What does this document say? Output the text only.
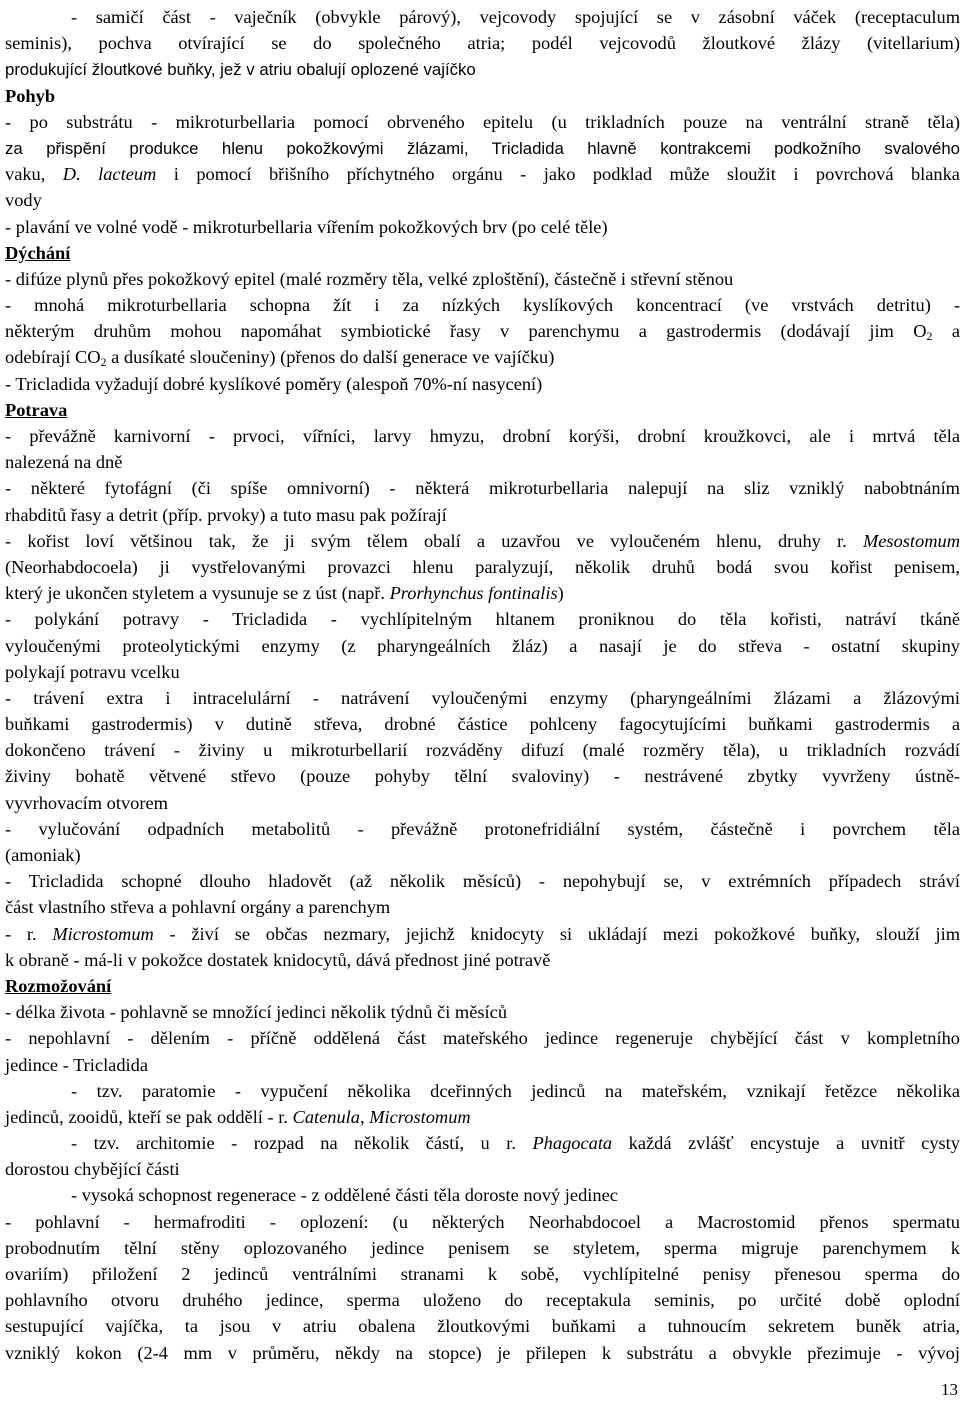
- samičí část - vaječník (obvykle párový), vejcovody spojující se v zásobní váček (receptaculum
seminis), pochva otvírající se do společného atria; podél vejcovodů žloutkové žlázy (vitellarium)
produkující žloutkové buňky, jež v atriu obalují oplozené vajíčko
Pohyb
- po substrátu - mikroturbellaria pomocí obrveného epitelu (u trikladních pouze na ventrální straně těla)
za přispění produkce hlenu pokožkovými žlázami, Tricladida hlavně kontrakcemi podkožního svalového
vaku, D. lacteum i pomocí břišního příchytného orgánu - jako podklad může sloužit i povrchová blanka
vody
- plavání ve volné vodě - mikroturbellaria vířením pokožkových brv (po celé těle)
Dýchání
- difúze plynů přes pokožkový epitel (malé rozměry těla, velké zploštění), částečně i střevní stěnou
- mnohá mikroturbellaria schopna žít i za nízkých kyslíkových koncentrací (ve vrstvách detritu) -
některým druhům mohou napomáhat symbiotické řasy v parenchymu a gastrodermis (dodávají jim $O_2$ a
odebírají $CO_2$ a dusíkaté sloučeniny) (přenos do další generace ve vajíčku)
- Tricladida vyžadují dobré kyslíkové poměry (alespoň 70%-ní nasycení)
Potrava
- převážně karnivorní - prvoci, vířníci, larvy hmyzu, drobní korýši, drobní kroužkovci, ale i mrtvá těla
nalezená na dně
- některé fytofágní (či spíše omnivorní) - některá mikroturbellaria nalepují na sliz vzniklý nabobtnáním
rhabditů řasy a detrit (příp. prvoky) a tuto masu pak požírají
- kořist loví většinou tak, že ji svým tělem obalí a uzavřou ve vyloučeném hlenu, druhy r. Mesostomum
(Neorhabdocoela) ji vystřelovanými provazci hlenu paralyzují, několik druhů bodá svou kořist penisem,
který je ukončen styletem a vysunuje se z úst (např. Prorhynchus fontinalis)
- polykání potravy - Tricladida - vychlípitelným hltanem proniknou do těla kořisti, natráví tkáně
vyloučenými proteolytickými enzymy (z pharyngeálních žláz) a nasají je do střeva - ostatní skupiny
polykají potravu vcelku
- trávení extra i intracelulární - natrávení vyloučenými enzymy (pharyngeálními žlázami a žlázovými
buňkami gastrodermis) v dutině střeva, drobné částice pohlceny fagocytujícími buňkami gastrodermis a
dokončeno trávení - živiny u mikroturbellarií rozváděny difuzí (malé rozměry těla), u trikladních rozvádí
živiny bohatě větvené střevo (pouze pohyby tělní svaloviny) - nestrávené zbytky vyvrženy ústně-
vyvrhovacím otvorem
- vylučování odpadních metabolitů - převážně protonefridiální systém, částečně i povrchem těla
(amoniak)
- Tricladida schopné dlouho hladovět (až několik měsíců) - nepohybují se, v extrémních případech stráví
část vlastního střeva a pohlavní orgány a parenchym
- r. Microstomum - živí se občas nezmary, jejichž knidocyty si ukládají mezi pokožkové buňky, slouží jim
k obraně - má-li v pokožce dostatek knidocytů, dává přednost jiné potravě
Rozmožování
- délka života - pohlavně se množící jedinci několik týdnů či měsíců
- nepohlavní - dělením - příčně oddělená část mateřského jedince regeneruje chybějící část v kompletního
jedince - Tricladida
- tzv. paratomie - vypučení několika dceřinných jedinců na mateřském, vznikají řetězce několika
jedinců, zooidů, kteří se pak oddělí - r. Catenula, Microstomum
- tzv. architomie - rozpad na několik částí, u r. Phagocata každá zvlášť encystuje a uvnitř cysty
dorostou chybějící části
- vysoká schopnost regenerace - z oddělené části těla doroste nový jedinec
- pohlavní - hermafroditi - oplození: (u některých Neorhabdocoel a Macrostomid přenos spermatu
probodnutím tělní stěny oplozovaného jedince penisem se styletem, sperma migruje parenchymem k
ovariím) přiložení 2 jedinců ventrálními stranami k sobě, vychlípitelné penisy přenesou sperma do
pohlavního otvoru druhého jedince, sperma uloženo do receptakula seminis, po určité době oplodní
sestupující vajíčka, ta jsou v atriu obalena žloutkovými buňkami a tuhnoucím sekretem buněk atria,
vzniklý kokon (2-4 mm v průměru, někdy na stopce) je přilepen k substrátu a obvykle přezimuje - vývoj
13
